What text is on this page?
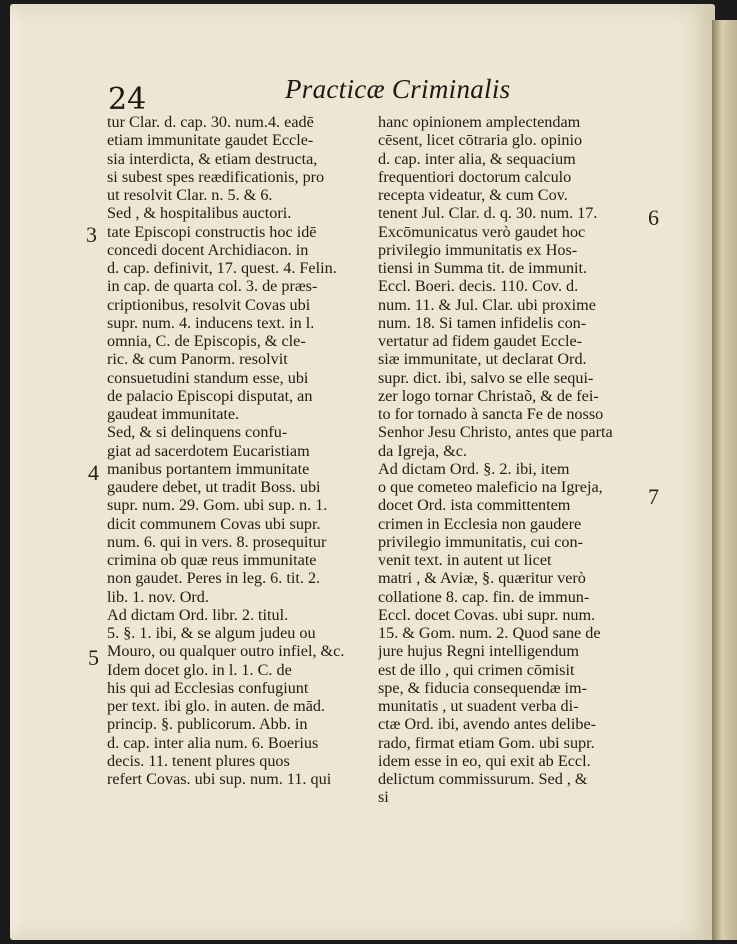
24	Practicæ Criminalis
tur Clar. d. cap. 30. num.4. eadē
etiam immunitate gaudet Eccle-
sia interdicta, & etiam destructa,
si subest spes reædificationis, pro
ut resolvit Clar. n. 5. & 6.
Sed , & hospitalibus auctori.
tate Episcopi constructis hoc idē
concedi docent Archidiacon. in
d. cap. definivit, 17. quest. 4. Felin.
in cap. de quarta col. 3. de præs-
criptionibus, resolvit Covas ubi
supr. num. 4. inducens text. in l.
omnia, C. de Episcopis, & cle-
ric. & cum Panorm. resolvit
consuetudini standum esse, ubi
de palacio Episcopi disputat, an
gaudeat immunitate.
Sed, & si delinquens confu-
giat ad sacerdotem Eucaristiam
manibus portantem immunitate
gaudere debet, ut tradit Boss. ubi
supr. num. 29. Gom. ubi sup. n. 1.
dicit communem Covas ubi supr.
num. 6. qui in vers. 8. prosequitur
crimina ob quæ reus immunitate
non gaudet. Peres in leg. 6. tit. 2.
lib. 1. nov. Ord.
Ad dictam Ord. libr. 2. titul.
5. §. 1. ibi, & se algum judeu ou
Mouro, ou qualquer outro infiel, &c.
Idem docet glo. in l. 1. C. de
his qui ad Ecclesias confugiunt
per text. ibi glo. in auten. de mād.
princip. §. publicorum. Abb. in
d. cap. inter alia num. 6. Boerius
decis. 11. tenent plures quos
refert Covas. ubi sup. num. 11. qui
hanc opinionem amplectendam
cēsent, licet cōtraria glo. opinio
d. cap. inter alia, & sequacium
frequentiori doctorum calculo
recepta videatur, & cum Cov.
tenent Jul. Clar. d. q. 30. num. 17.
Excōmunicatus verò gaudet hoc
privilegio immunitatis ex Hos-
tiensi in Summa tit. de immunit.
Eccl. Boeri. decis. 110. Cov. d.
num. 11. & Jul. Clar. ubi proxime
num. 18. Si tamen infidelis con-
vertatur ad fidem gaudet Eccle-
siæ immunitate, ut declarat Ord.
supr. dict. ibi, salvo se elle sequi-
zer logo tornar Christaõ, & de fei-
to for tornado à sancta Fe de nosso
Senhor Jesu Christo, antes que parta
da Igreja, &c.
Ad dictam Ord. §. 2. ibi, item
o que cometeo maleficio na Igreja,
docet Ord. ista committentem
crimen in Ecclesia non gaudere
privilegio immunitatis, cui con-
venit text. in autent ut licet
matri , & Aviæ, §. quæritur verò
collatione 8. cap. fin. de immun-
Eccl. docet Covas. ubi supr. num.
15. & Gom. num. 2. Quod sane de
jure hujus Regni intelligendum
est de illo , qui crimen cōmisit
spe, & fiducia consequendæ im-
munitatis , ut suadent verba di-
ctæ Ord. ibi, avendo antes delibe-
rado, firmat etiam Gom. ubi supr.
idem esse in eo, qui exit ab Eccl.
delictum commissurum. Sed , &
si
3
4
5
6
7
